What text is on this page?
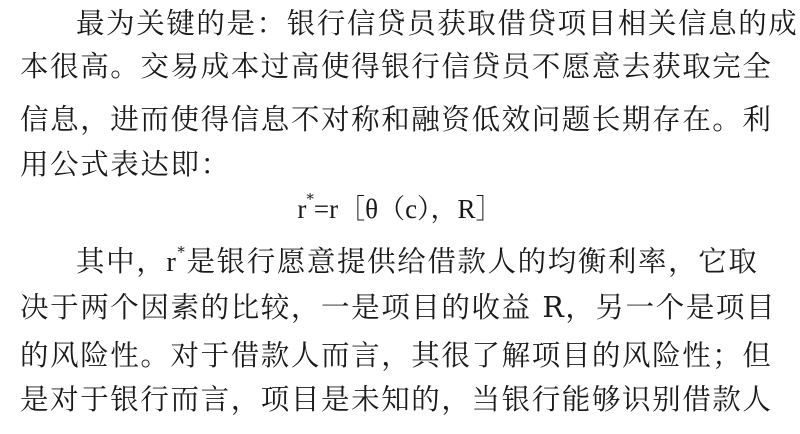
最为关键的是：银行信贷员获取借贷项目相关信息的成
本很高。交易成本过高使得银行信贷员不愿意去获取完全
信息，进而使得信息不对称和融资低效问题长期存在。利
用公式表达即：
r*=r［θ（c），R］
其中，r*是银行愿意提供给借款人的均衡利率，它取
决于两个因素的比较，一是项目的收益 R，另一个是项目
的风险性。对于借款人而言，其很了解项目的风险性；但
是对于银行而言，项目是未知的，当银行能够识别借款人
